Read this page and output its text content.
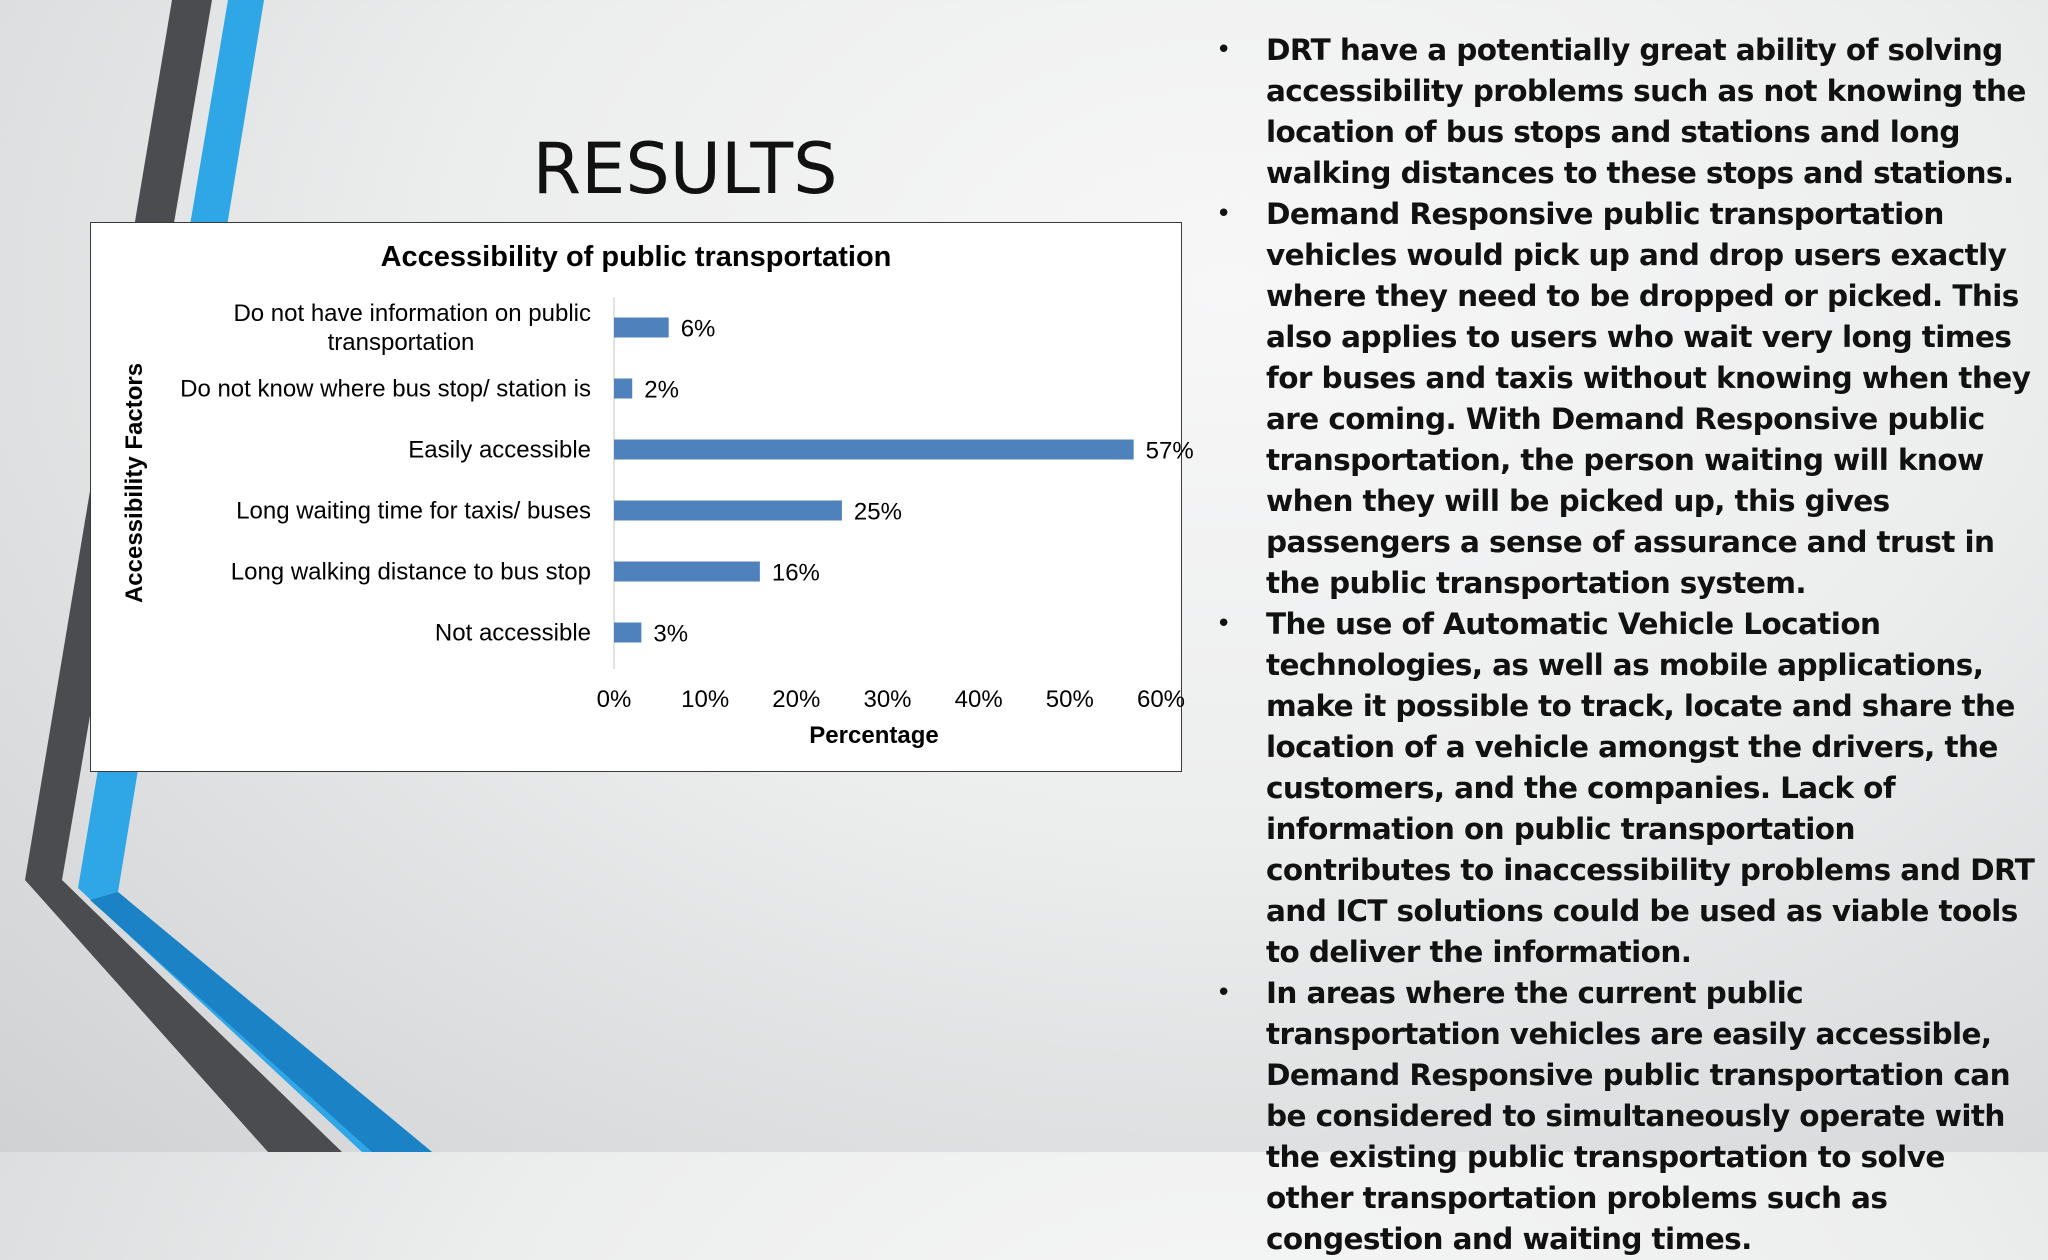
RESULTS
Accessibility of public transportation
Accessibility Factors
Percentage
Do not have information on public
transportation
Do not know where bus stop/ station is
Easily accessible
Long waiting time for taxis/ buses
Long walking distance to bus stop
Not accessible
6%
2%
57%
25%
16%
3%
0% 10% 20% 30% 40% 50% 60%
• DRT have a potentially great ability of solving accessibility problems such as not knowing the location of bus stops and stations and long walking distances to these stops and stations.
• Demand Responsive public transportation vehicles would pick up and drop users exactly where they need to be dropped or picked. This also applies to users who wait very long times for buses and taxis without knowing when they are coming. With Demand Responsive public transportation, the person waiting will know when they will be picked up, this gives passengers a sense of assurance and trust in the public transportation system.
• The use of Automatic Vehicle Location technologies, as well as mobile applications, make it possible to track, locate and share the location of a vehicle amongst the drivers, the customers, and the companies. Lack of information on public transportation contributes to inaccessibility problems and DRT and ICT solutions could be used as viable tools to deliver the information.
• In areas where the current public transportation vehicles are easily accessible, Demand Responsive public transportation can be considered to simultaneously operate with the existing public transportation to solve other transportation problems such as congestion and waiting times.
